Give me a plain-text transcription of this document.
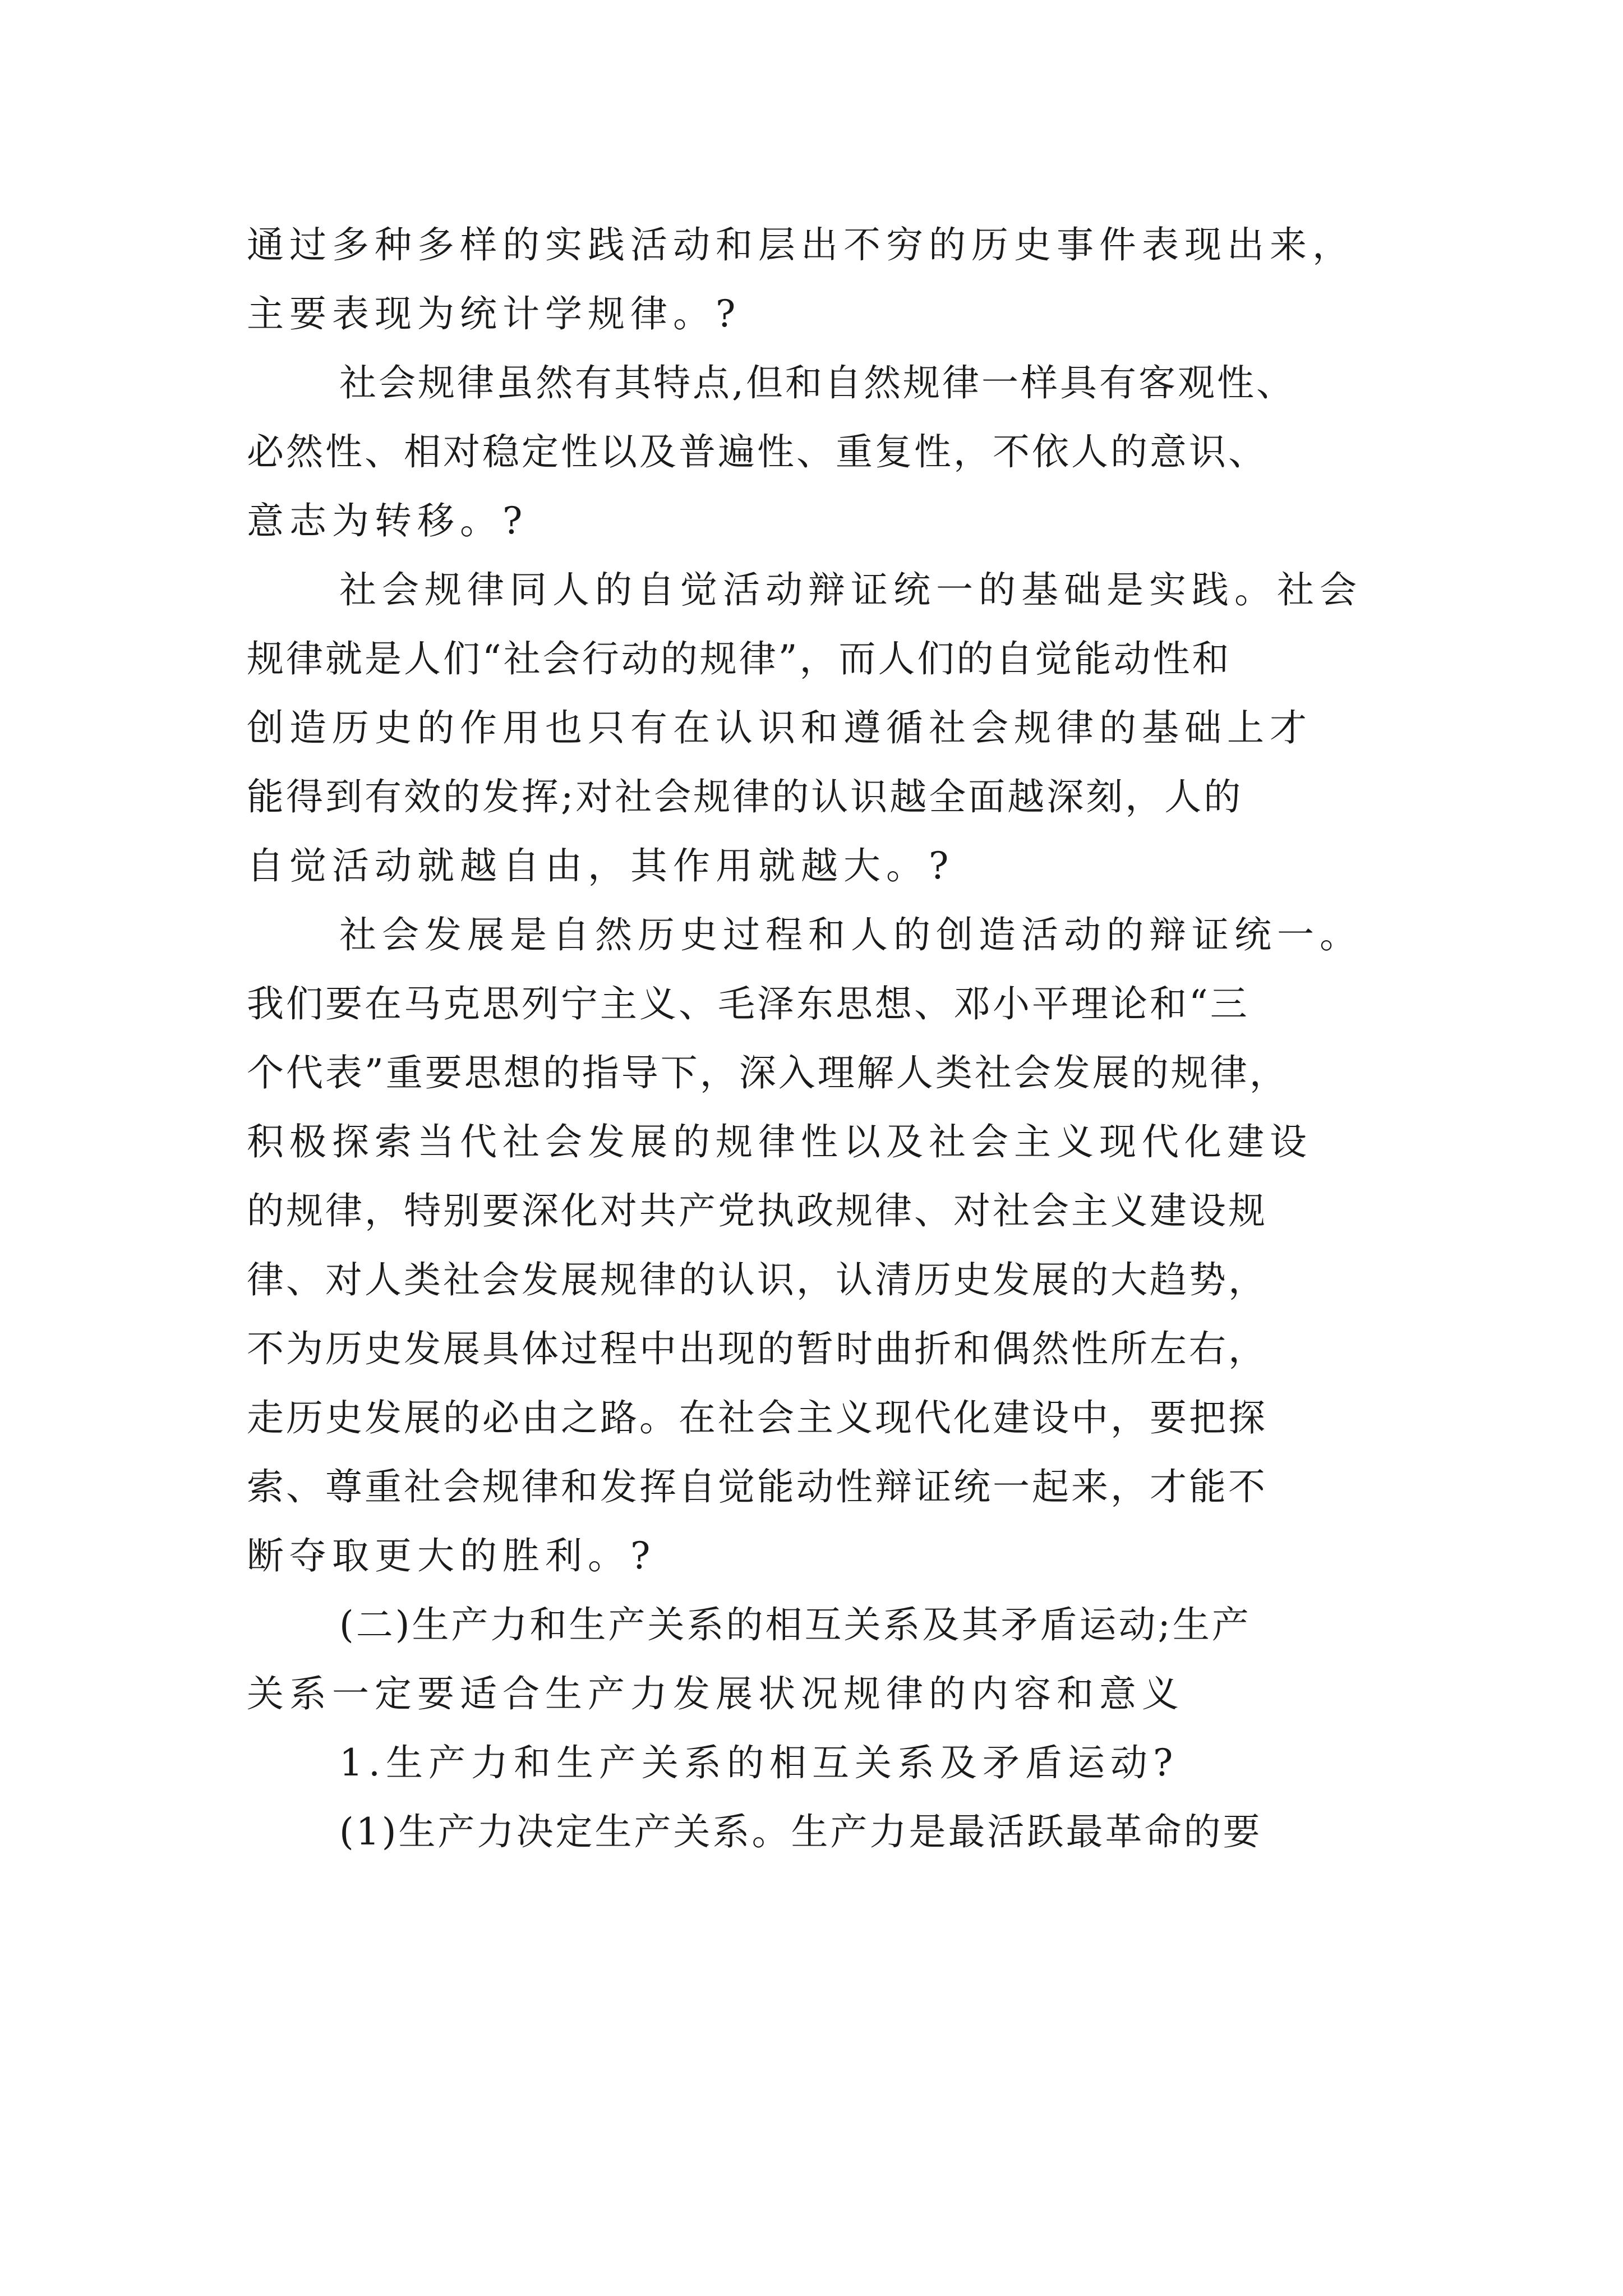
通过多种多样的实践活动和层出不穷的历史事件表现出来，
主要表现为统计学规律。?
社会规律虽然有其特点,但和自然规律一样具有客观性、
必然性、相对稳定性以及普遍性、重复性，不依人的意识、
意志为转移。?
社会规律同人的自觉活动辩证统一的基础是实践。社会
规律就是人们“社会行动的规律”，而人们的自觉能动性和
创造历史的作用也只有在认识和遵循社会规律的基础上才
能得到有效的发挥;对社会规律的认识越全面越深刻，人的
自觉活动就越自由，其作用就越大。?
社会发展是自然历史过程和人的创造活动的辩证统一。
我们要在马克思列宁主义、毛泽东思想、邓小平理论和“三
个代表”重要思想的指导下，深入理解人类社会发展的规律，
积极探索当代社会发展的规律性以及社会主义现代化建设
的规律，特别要深化对共产党执政规律、对社会主义建设规
律、对人类社会发展规律的认识，认清历史发展的大趋势，
不为历史发展具体过程中出现的暂时曲折和偶然性所左右，
走历史发展的必由之路。在社会主义现代化建设中，要把探
索、尊重社会规律和发挥自觉能动性辩证统一起来，才能不
断夺取更大的胜利。?
(二)生产力和生产关系的相互关系及其矛盾运动;生产
关系一定要适合生产力发展状况规律的内容和意义
1.生产力和生产关系的相互关系及矛盾运动?
(1)生产力决定生产关系。生产力是最活跃最革命的要
